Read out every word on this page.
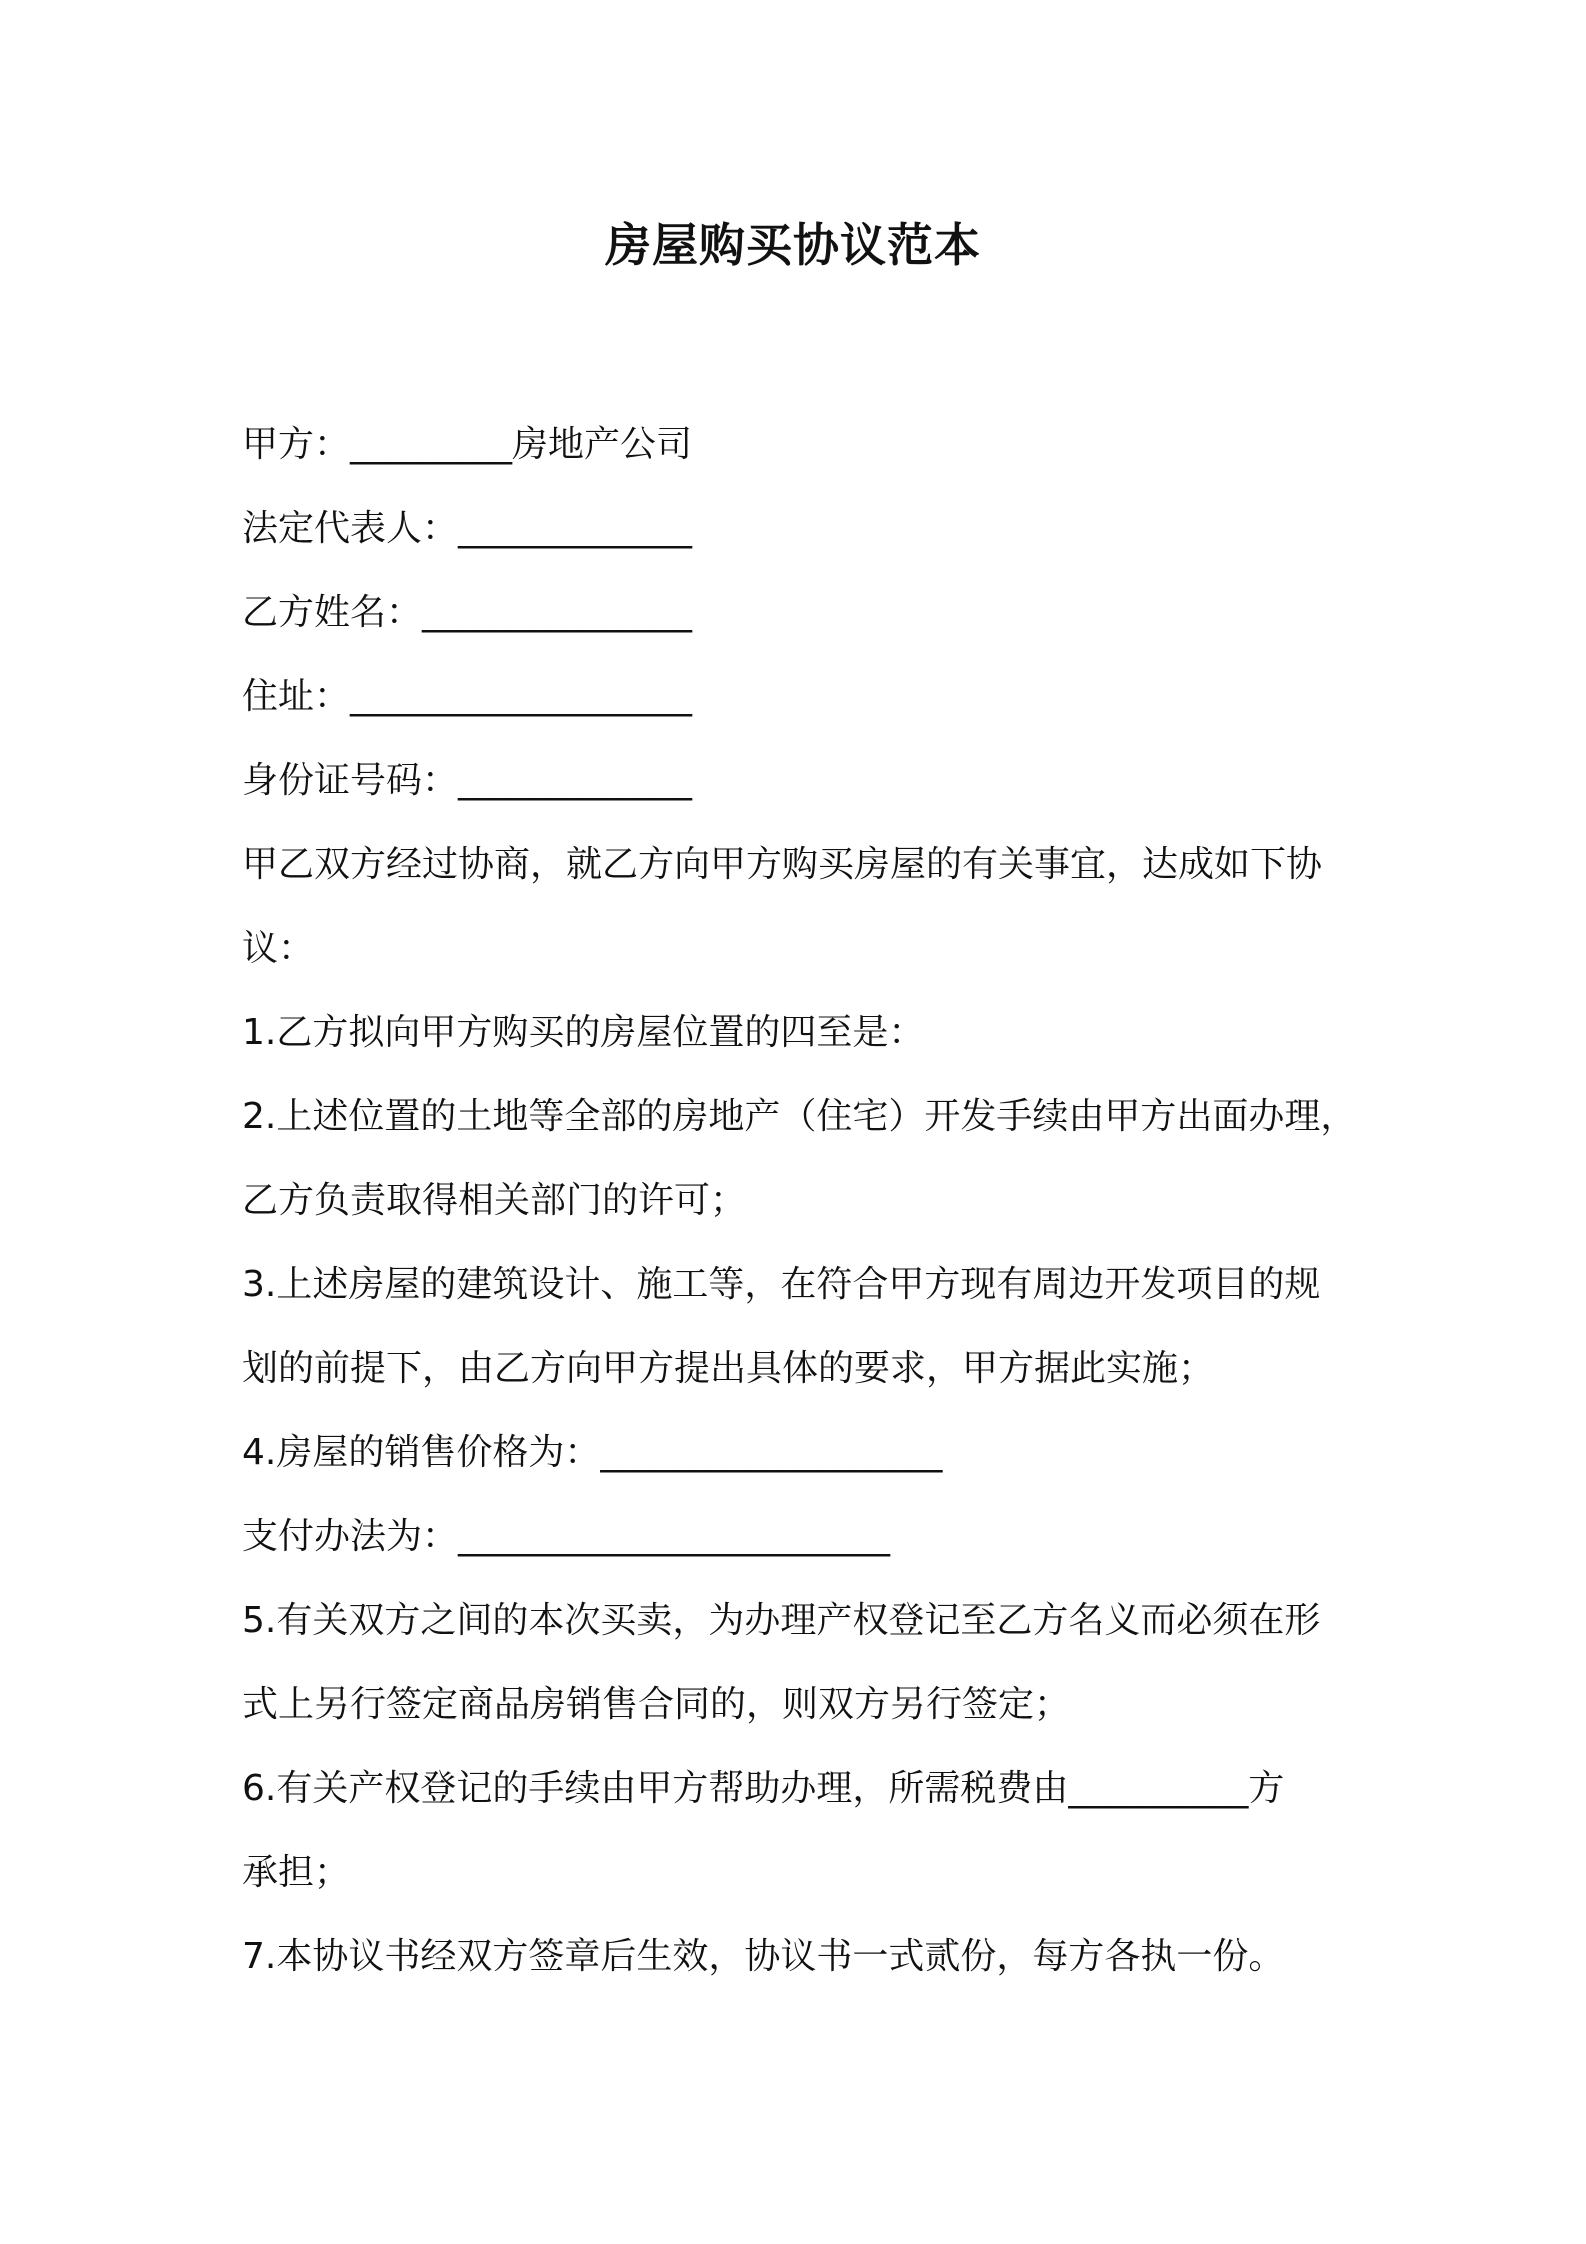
房屋购买协议范本
甲方：_________房地产公司
法定代表人：_____________
乙方姓名：_______________
住址：___________________
身份证号码：_____________
甲乙双方经过协商，就乙方向甲方购买房屋的有关事宜，达成如下协
议：
1.乙方拟向甲方购买的房屋位置的四至是：
2.上述位置的土地等全部的房地产（住宅）开发手续由甲方出面办理，
乙方负责取得相关部门的许可；
3.上述房屋的建筑设计、施工等，在符合甲方现有周边开发项目的规
划的前提下，由乙方向甲方提出具体的要求，甲方据此实施；
4.房屋的销售价格为：___________________
支付办法为：________________________
5.有关双方之间的本次买卖，为办理产权登记至乙方名义而必须在形
式上另行签定商品房销售合同的，则双方另行签定；
6.有关产权登记的手续由甲方帮助办理，所需税费由__________方
承担；
7.本协议书经双方签章后生效，协议书一式贰份，每方各执一份。
